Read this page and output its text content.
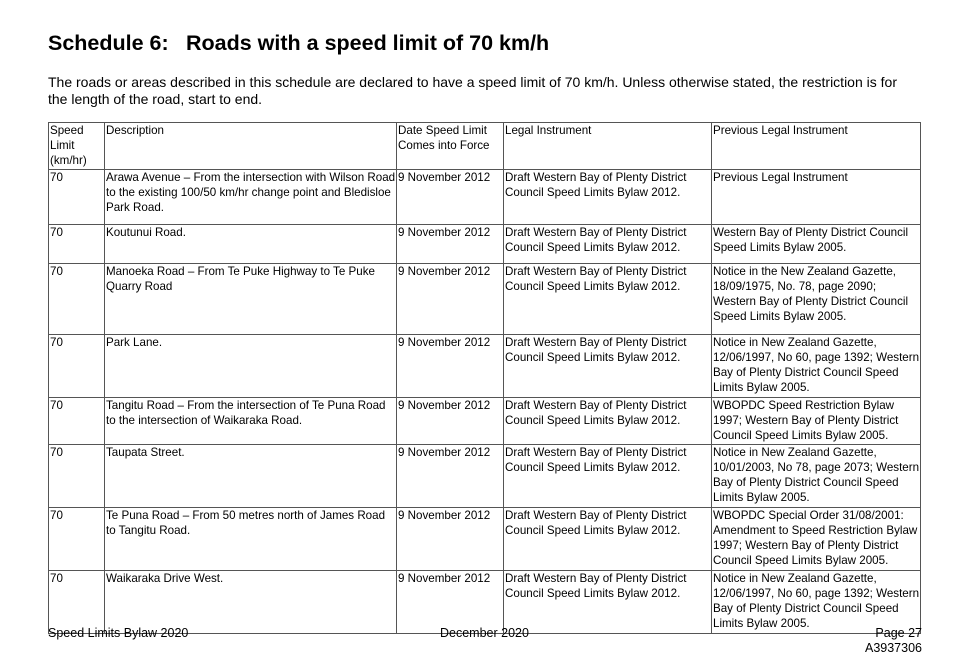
Schedule 6: Roads with a speed limit of 70 km/h

The roads or areas described in this schedule are declared to have a speed limit of 70 km/h. Unless otherwise stated, the restriction is for the length of the road, start to end.

Speed Limit (km/hr)	Description	Date Speed Limit Comes into Force	Legal Instrument	Previous Legal Instrument
70	Arawa Avenue – From the intersection with Wilson Road to the existing 100/50 km/hr change point and Bledisloe Park Road.	9 November 2012	Draft Western Bay of Plenty District Council Speed Limits Bylaw 2012.	Previous Legal Instrument
70	Koutunui Road.	9 November 2012	Draft Western Bay of Plenty District Council Speed Limits Bylaw 2012.	Western Bay of Plenty District Council Speed Limits Bylaw 2005.
70	Manoeka Road – From Te Puke Highway to Te Puke Quarry Road	9 November 2012	Draft Western Bay of Plenty District Council Speed Limits Bylaw 2012.	Notice in the New Zealand Gazette, 18/09/1975, No. 78, page 2090; Western Bay of Plenty District Council Speed Limits Bylaw 2005.
70	Park Lane.	9 November 2012	Draft Western Bay of Plenty District Council Speed Limits Bylaw 2012.	Notice in New Zealand Gazette, 12/06/1997, No 60, page 1392; Western Bay of Plenty District Council Speed Limits Bylaw 2005.
70	Tangitu Road – From the intersection of Te Puna Road to the intersection of Waikaraka Road.	9 November 2012	Draft Western Bay of Plenty District Council Speed Limits Bylaw 2012.	WBOPDC Speed Restriction Bylaw 1997; Western Bay of Plenty District Council Speed Limits Bylaw 2005.
70	Taupata Street.	9 November 2012	Draft Western Bay of Plenty District Council Speed Limits Bylaw 2012.	Notice in New Zealand Gazette, 10/01/2003, No 78, page 2073; Western Bay of Plenty District Council Speed Limits Bylaw 2005.
70	Te Puna Road – From 50 metres north of James Road to Tangitu Road.	9 November 2012	Draft Western Bay of Plenty District Council Speed Limits Bylaw 2012.	WBOPDC Special Order 31/08/2001: Amendment to Speed Restriction Bylaw 1997; Western Bay of Plenty District Council Speed Limits Bylaw 2005.
70	Waikaraka Drive West.	9 November 2012	Draft Western Bay of Plenty District Council Speed Limits Bylaw 2012.	Notice in New Zealand Gazette, 12/06/1997, No 60, page 1392; Western Bay of Plenty District Council Speed Limits Bylaw 2005.
Speed Limits Bylaw 2020	December 2020	Page 27
A3937306
